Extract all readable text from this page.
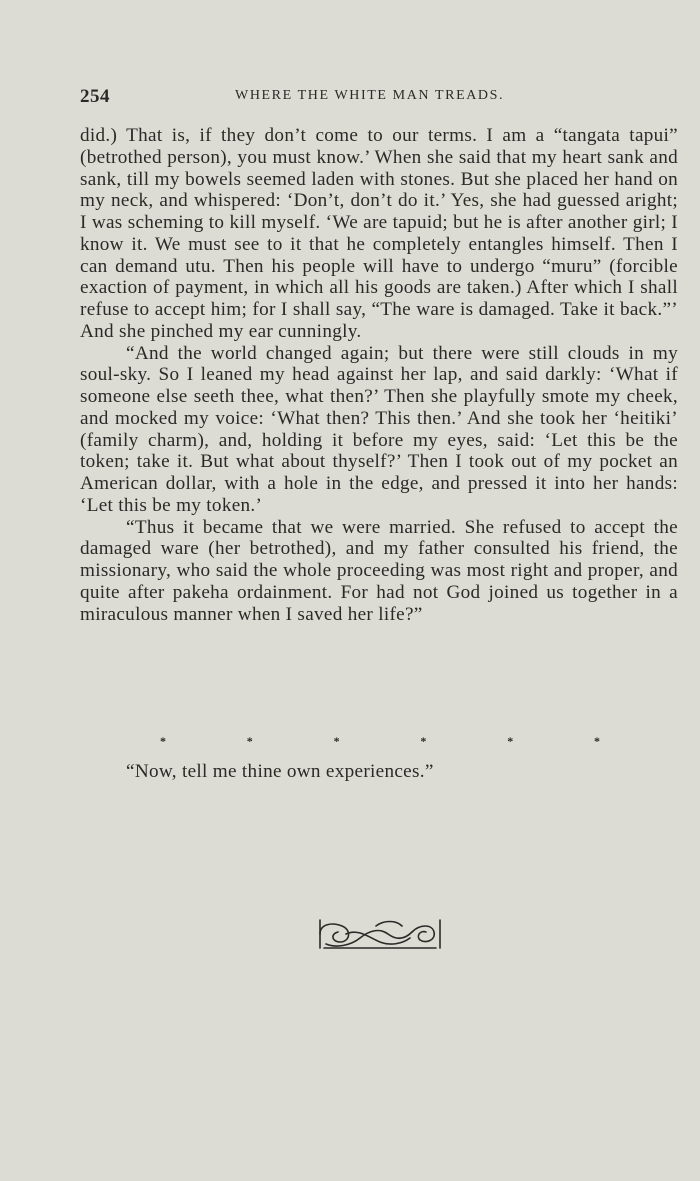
254	WHERE THE WHITE MAN TREADS.

did.) That is, if they don’t come to our terms. I am a “tangata tapui” (betrothed person), you must know.’ When she said that my heart sank and sank, till my bowels seemed laden with stones. But she placed her hand on my neck, and whispered: ‘Don’t, don’t do it.’ Yes, she had guessed aright; I was scheming to kill myself. ‘We are tapuid; but he is after another girl; I know it. We must see to it that he completely entangles himself. Then I can demand utu. Then his people will have to undergo “muru” (forcible exaction of payment, in which all his goods are taken.) After which I shall refuse to accept him; for I shall say, “The ware is damaged. Take it back.”’ And she pinched my ear cunningly.

“And the world changed again; but there were still clouds in my soul-sky. So I leaned my head against her lap, and said darkly: ‘What if someone else seeth thee, what then?’ Then she playfully smote my cheek, and mocked my voice: ‘What then? This then.’ And she took her ‘heitiki’ (family charm), and, holding it before my eyes, said: ‘Let this be the token; take it. But what about thyself?’ Then I took out of my pocket an American dollar, with a hole in the edge, and pressed it into her hands: ‘Let this be my token.’

“Thus it became that we were married. She refused to accept the damaged ware (her betrothed), and my father consulted his friend, the missionary, who said the whole proceeding was most right and proper, and quite after pakeha ordainment. For had not God joined us together in a miraculous manner when I saved her life?”

*	*	*	*	*	*
“Now, tell me thine own experiences.”
